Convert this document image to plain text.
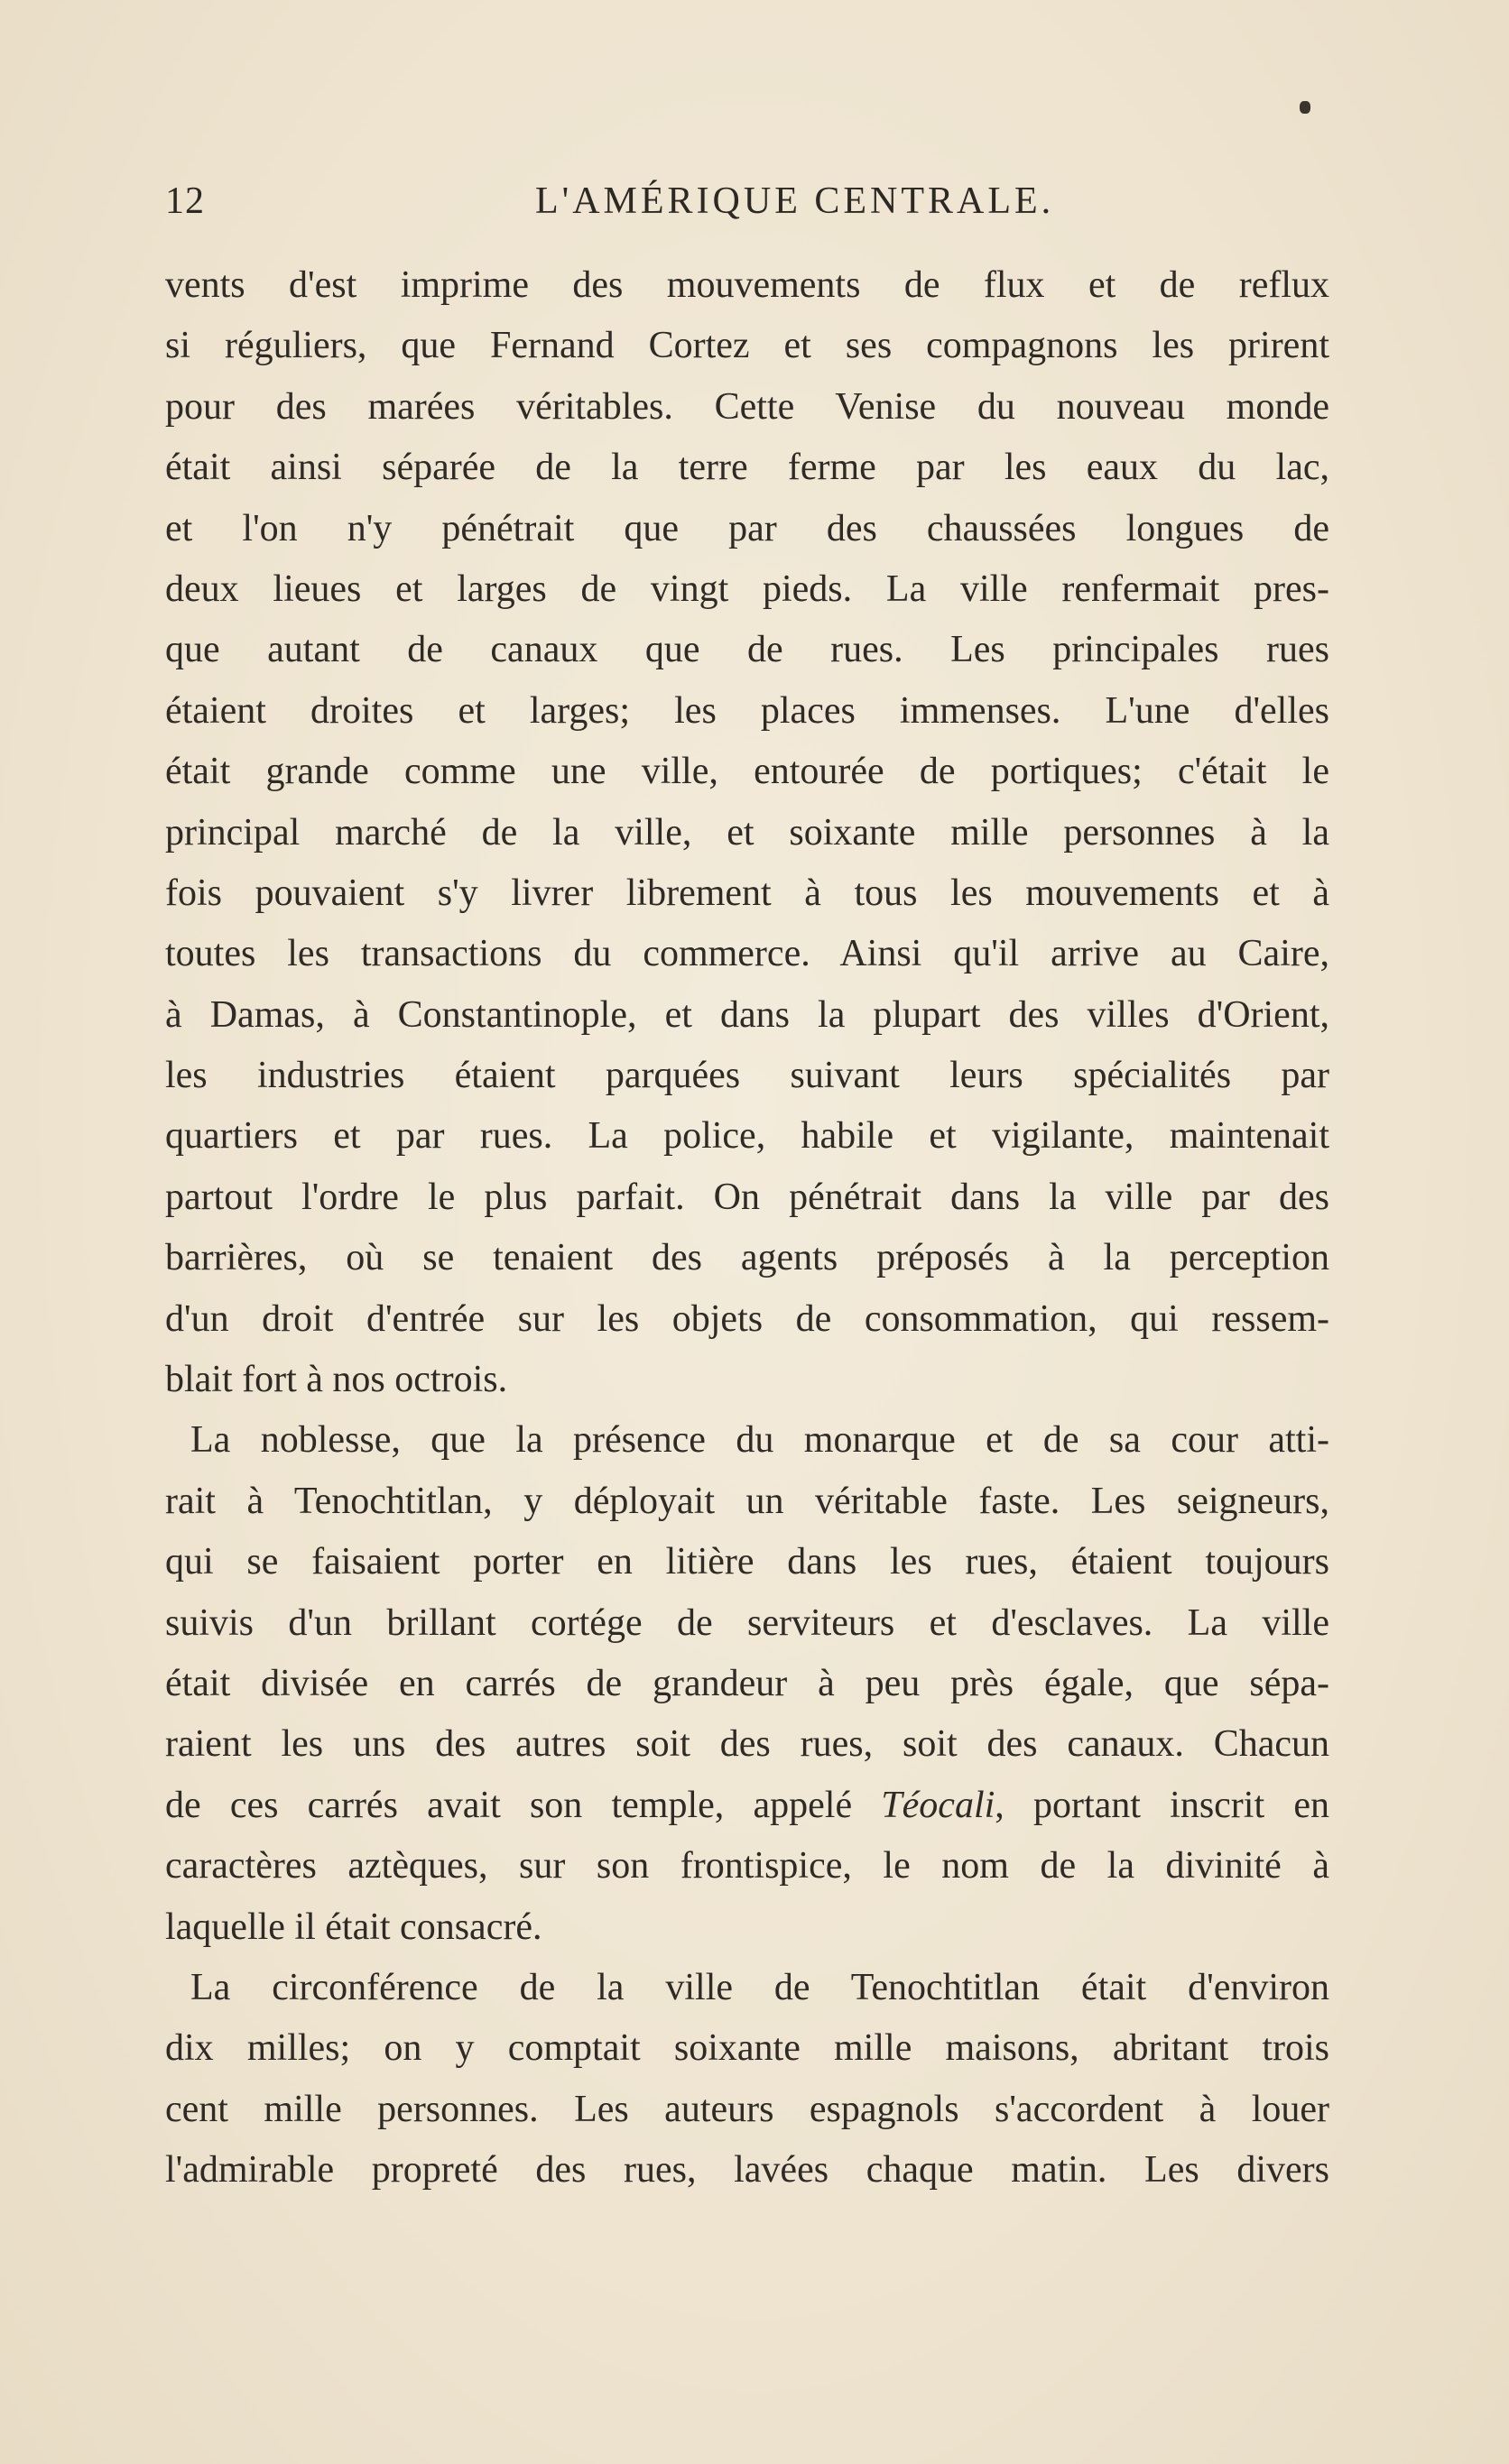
12	L'AMÉRIQUE CENTRALE.
vents d'est imprime des mouvements de flux et de reflux
si réguliers, que Fernand Cortez et ses compagnons les prirent
pour des marées véritables. Cette Venise du nouveau monde
était ainsi séparée de la terre ferme par les eaux du lac,
et l'on n'y pénétrait que par des chaussées longues de
deux lieues et larges de vingt pieds. La ville renfermait pres-
que autant de canaux que de rues. Les principales rues
étaient droites et larges; les places immenses. L'une d'elles
était grande comme une ville, entourée de portiques; c'était le
principal marché de la ville, et soixante mille personnes à la
fois pouvaient s'y livrer librement à tous les mouvements et à
toutes les transactions du commerce. Ainsi qu'il arrive au Caire,
à Damas, à Constantinople, et dans la plupart des villes d'Orient,
les industries étaient parquées suivant leurs spécialités par
quartiers et par rues. La police, habile et vigilante, maintenait
partout l'ordre le plus parfait. On pénétrait dans la ville par des
barrières, où se tenaient des agents préposés à la perception
d'un droit d'entrée sur les objets de consommation, qui ressem-
blait fort à nos octrois.
La noblesse, que la présence du monarque et de sa cour atti-
rait à Tenochtitlan, y déployait un véritable faste. Les seigneurs,
qui se faisaient porter en litière dans les rues, étaient toujours
suivis d'un brillant cortége de serviteurs et d'esclaves. La ville
était divisée en carrés de grandeur à peu près égale, que sépa-
raient les uns des autres soit des rues, soit des canaux. Chacun
de ces carrés avait son temple, appelé Téocali, portant inscrit en
caractères aztèques, sur son frontispice, le nom de la divinité à
laquelle il était consacré.
La circonférence de la ville de Tenochtitlan était d'environ
dix milles; on y comptait soixante mille maisons, abritant trois
cent mille personnes. Les auteurs espagnols s'accordent à louer
l'admirable propreté des rues, lavées chaque matin. Les divers
